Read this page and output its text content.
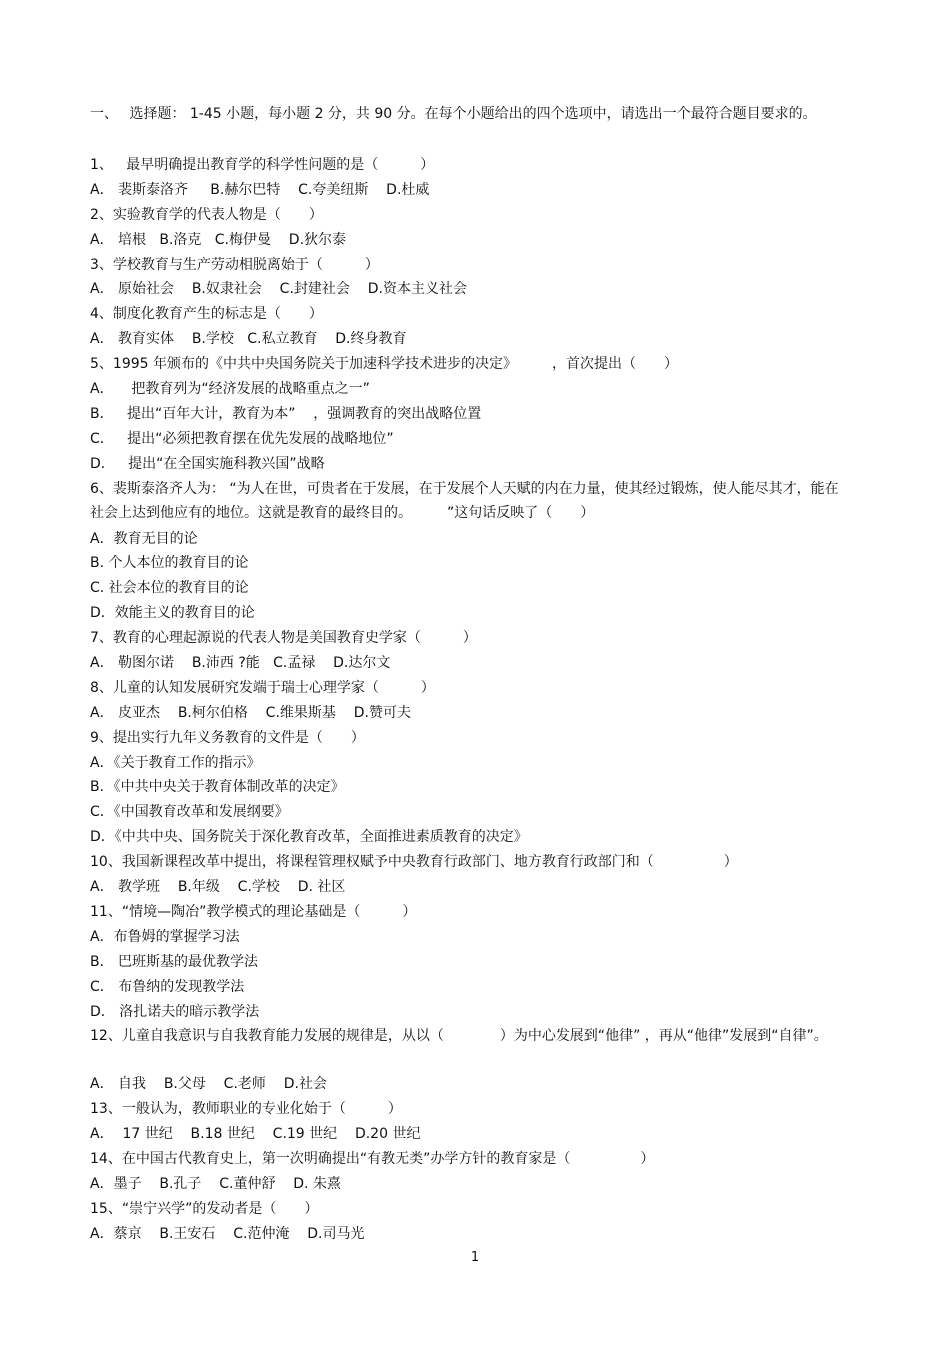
一、　 选择题： 1-45 小题，每小题 2 分，共 90 分。在每个小题给出的四个选项中，请选出一个最符合题目要求的。
1、   最早明确提出教育学的科学性问题的是（　　　）
A． 裴斯泰洛齐     B.赫尔巴特    C.夸美纽斯    D.杜威
2、实验教育学的代表人物是（　　）
A． 培根   B.洛克   C.梅伊曼    D.狄尔泰
3、学校教育与生产劳动相脱离始于（　　　）
A． 原始社会    B.奴隶社会    C.封建社会    D.资本主义社会
4、制度化教育产生的标志是（　　）
A． 教育实体    B.学校   C.私立教育    D.终身教育
5、1995 年颁布的《中共中央国务院关于加速科学技术进步的决定》　　　，首次提出（　　）
A．    把教育列为“经济发展的战略重点之一”
B．   提出“百年大计，教育为本”    ，强调教育的突出战略位置
C．   提出“必须把教育摆在优先发展的战略地位”
D．   提出“在全国实施科教兴国”战略
6、裴斯泰洛齐人为： “为人在世，可贵者在于发展，在于发展个人天赋的内在力量，使其经过锻炼，使人能尽其才，能在社会上达到他应有的地位。这就是教育的最终目的。　　　”这句话反映了（　　）
A．教育无目的论
B. 个人本位的教育目的论
C. 社会本位的教育目的论
D．效能主义的教育目的论
7、教育的心理起源说的代表人物是美国教育史学家（　　　）
A． 勒图尔诺    B.沛西 ?能   C.孟禄    D.达尔文
8、儿童的认知发展研究发端于瑞士心理学家（　　　）
A． 皮亚杰    B.柯尔伯格    C.维果斯基    D.赞可夫
9、提出实行九年义务教育的文件是（　　）
A．《关于教育工作的指示》
B．《中共中央关于教育体制改革的决定》
C．《中国教育改革和发展纲要》
D．《中共中央、国务院关于深化教育改革，全面推进素质教育的决定》
10、我国新课程改革中提出，将课程管理权赋予中央教育行政部门、地方教育行政部门和（　　　　　）
A． 教学班    B.年级    C.学校    D. 社区
11、“情境—陶冶”教学模式的理论基础是（　　　）
A．布鲁姆的掌握学习法
B． 巴班斯基的最优教学法
C． 布鲁纳的发现教学法
D． 洛扎诺夫的暗示教学法
12、儿童自我意识与自我教育能力发展的规律是，从以（　　　　）为中心发展到“他律” ，再从“他律”发展到“自律”。
A． 自我    B.父母    C.老师    D.社会
13、一般认为，教师职业的专业化始于（　　　）
A．  17 世纪    B.18 世纪    C.19 世纪    D.20 世纪
14、在中国古代教育史上，第一次明确提出“有教无类”办学方针的教育家是（　　　　　）
A．墨子    B.孔子    C.董仲舒    D. 朱熹
15、“崇宁兴学”的发动者是（　　）
A．蔡京    B.王安石    C.范仲淹    D.司马光
1
